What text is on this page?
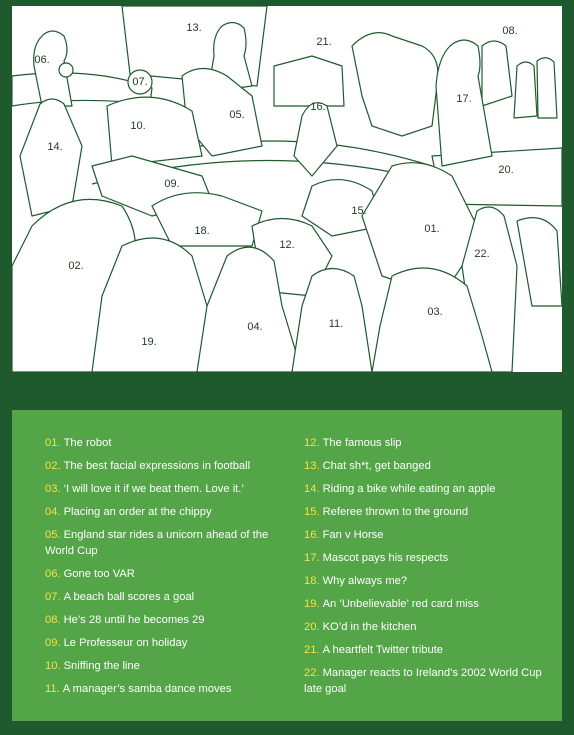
13.
21.
08.
06.
07.
05.
16.
17.
10.
14.
20.
09.
15.
01.
18.
12.
22.
02.
04.	11.
03.
19.
01. The robot
02. The best facial expressions in football
03. ‘I will love it if we beat them. Love it.’
04. Placing an order at the chippy
05. England star rides a unicorn ahead of the World Cup
06. Gone too VAR
07. A beach ball scores a goal
08. He’s 28 until he becomes 29
09. Le Professeur on holiday
10. Sniffing the line
11. A manager’s samba dance moves
12. The famous slip
13. Chat sh*t, get banged
14. Riding a bike while eating an apple
15. Referee thrown to the ground
16. Fan v Horse
17. Mascot pays his respects
18. Why always me?
19. An ‘Unbelievable’ red card miss
20. KO’d in the kitchen
21. A heartfelt Twitter tribute
22. Manager reacts to Ireland’s 2002 World Cup late goal
